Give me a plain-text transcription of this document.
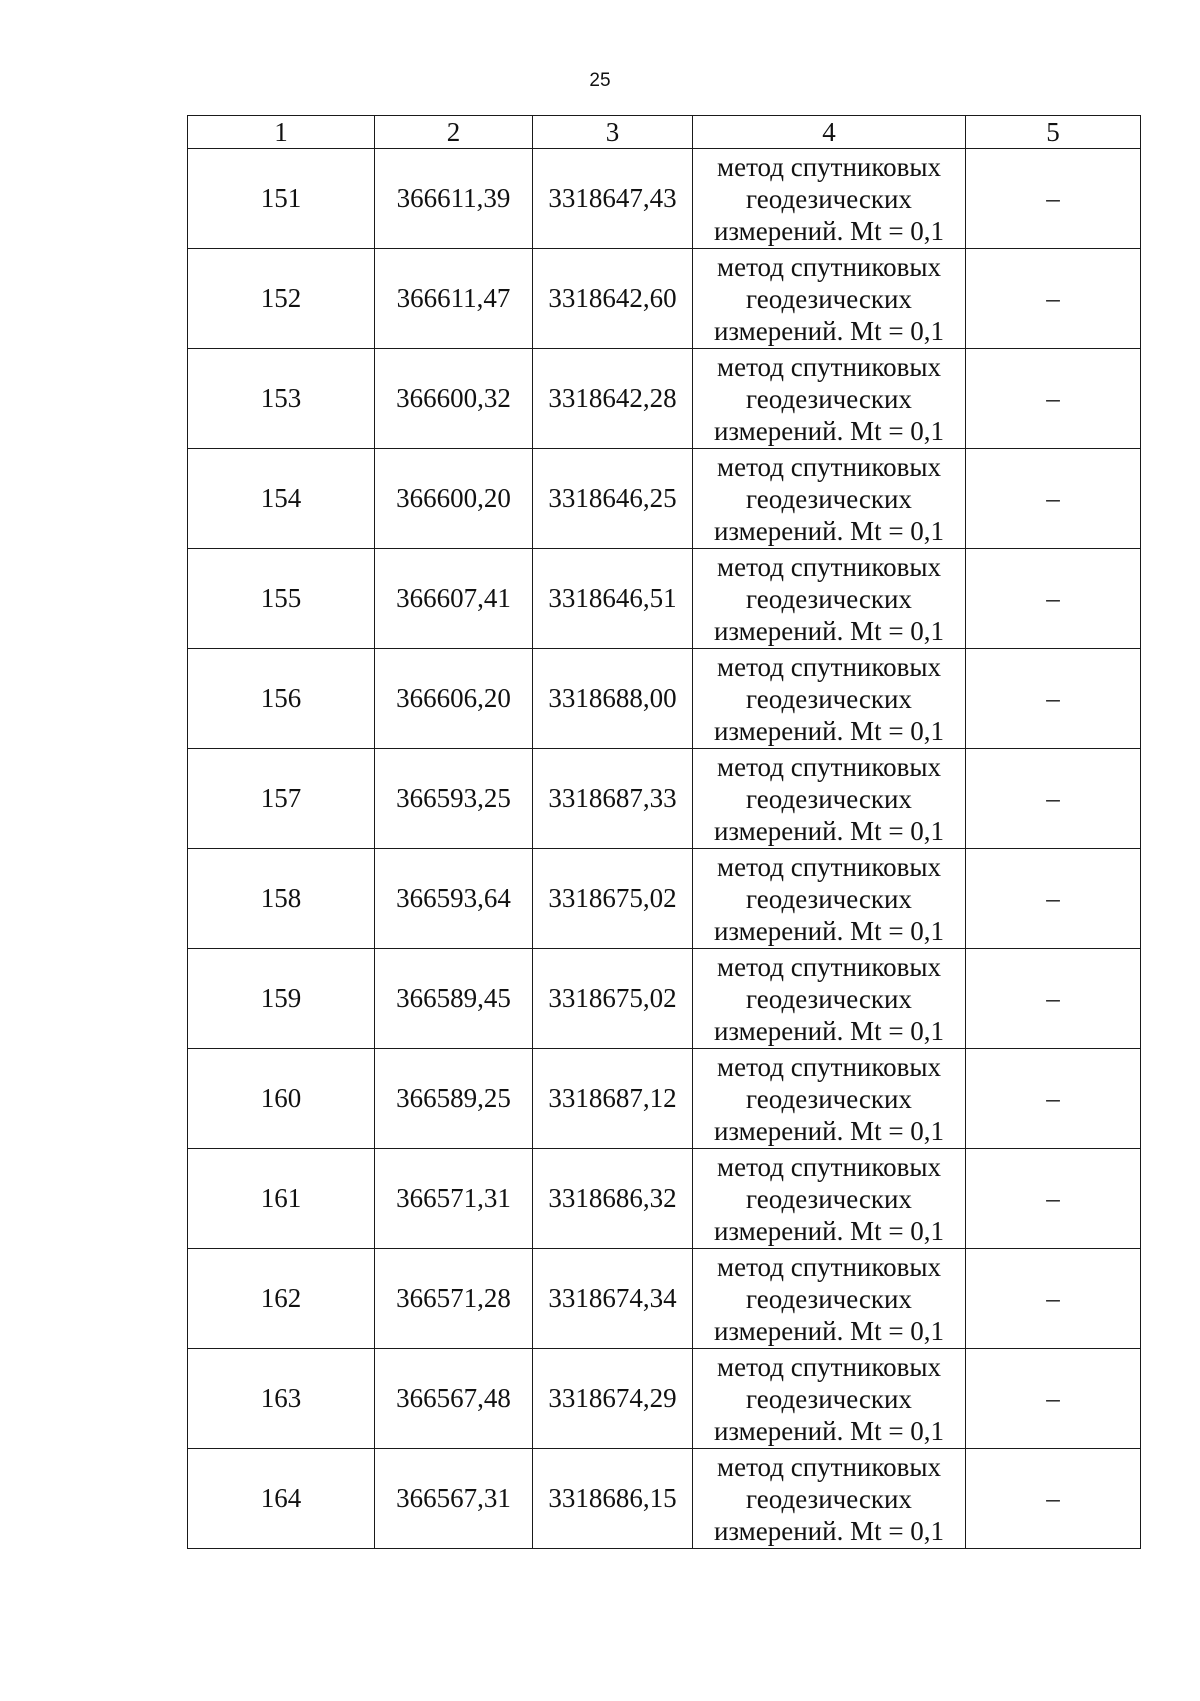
25
1	2	3	4	5
151	366611,39	3318647,43	метод спутниковых
геодезических
измерений. Mt = 0,1	–
152	366611,47	3318642,60	метод спутниковых
геодезических
измерений. Mt = 0,1	–
153	366600,32	3318642,28	метод спутниковых
геодезических
измерений. Mt = 0,1	–
154	366600,20	3318646,25	метод спутниковых
геодезических
измерений. Mt = 0,1	–
155	366607,41	3318646,51	метод спутниковых
геодезических
измерений. Mt = 0,1	–
156	366606,20	3318688,00	метод спутниковых
геодезических
измерений. Mt = 0,1	–
157	366593,25	3318687,33	метод спутниковых
геодезических
измерений. Mt = 0,1	–
158	366593,64	3318675,02	метод спутниковых
геодезических
измерений. Mt = 0,1	–
159	366589,45	3318675,02	метод спутниковых
геодезических
измерений. Mt = 0,1	–
160	366589,25	3318687,12	метод спутниковых
геодезических
измерений. Mt = 0,1	–
161	366571,31	3318686,32	метод спутниковых
геодезических
измерений. Mt = 0,1	–
162	366571,28	3318674,34	метод спутниковых
геодезических
измерений. Mt = 0,1	–
163	366567,48	3318674,29	метод спутниковых
геодезических
измерений. Mt = 0,1	–
164	366567,31	3318686,15	метод спутниковых
геодезических
измерений. Mt = 0,1	–
